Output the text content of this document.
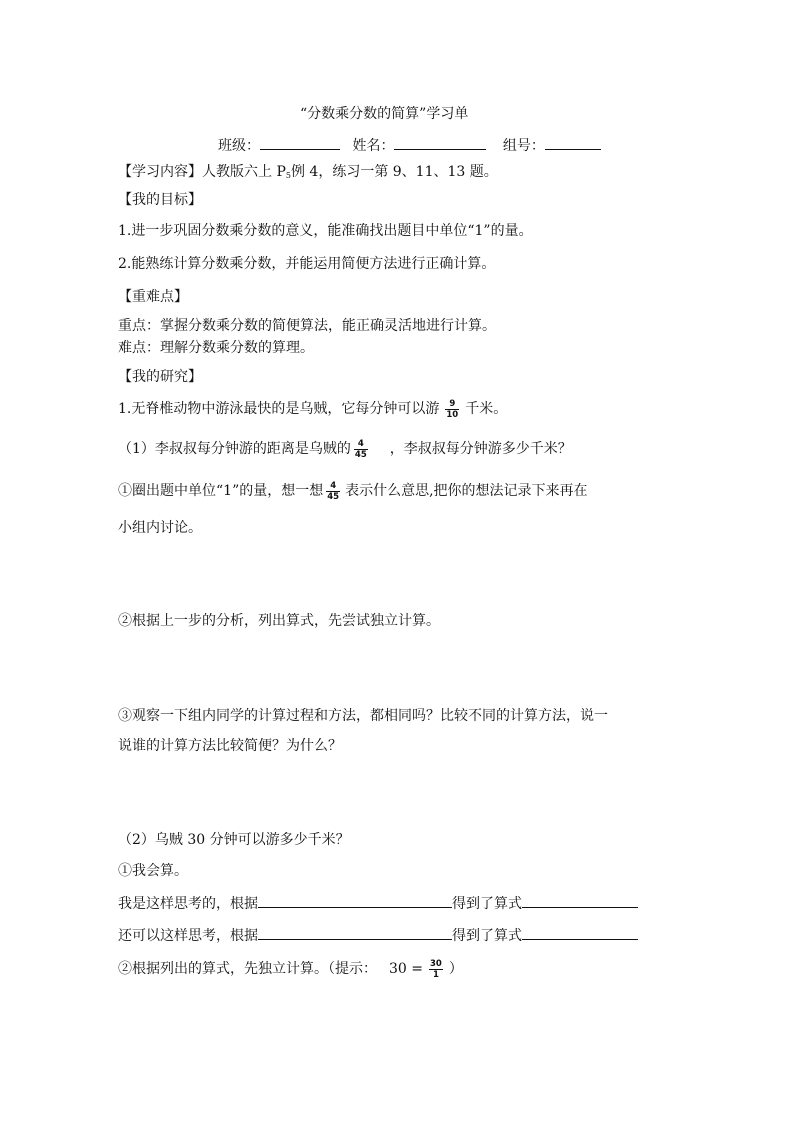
“分数乘分数的简算”学习单
班级：	姓名：	组号：
【学习内容】人教版六上 $P_5$例 4，练习一第 9、11、13 题。
【我的目标】
1.进一步巩固分数乘分数的意义，能准确找出题目中单位“1”的量。
2.能熟练计算分数乘分数，并能运用简便方法进行正确计算。
【重难点】
重点：掌握分数乘分数的简便算法，能正确灵活地进行计算。
难点：理解分数乘分数的算理。
【我的研究】
1.无脊椎动物中游泳最快的是乌贼，它每分钟可以游 $\frac{9}{10}$ 千米。
（1）李叔叔每分钟游的距离是乌贼的 $\frac{4}{45}$ ，李叔叔每分钟游多少千米？
①圈出题中单位“1”的量，想一想 $\frac{4}{45}$ 表示什么意思,把你的想法记录下来再在
小组内讨论。
②根据上一步的分析，列出算式，先尝试独立计算。
③观察一下组内同学的计算过程和方法，都相同吗？比较不同的计算方法，说一
说谁的计算方法比较简便？为什么？
（2）乌贼 30 分钟可以游多少千米？
①我会算。
我是这样思考的，根据	得到了算式
还可以这样思考，根据	得到了算式
②根据列出的算式，先独立计算。（提示： $30 = \frac{30}{1}$ ）
